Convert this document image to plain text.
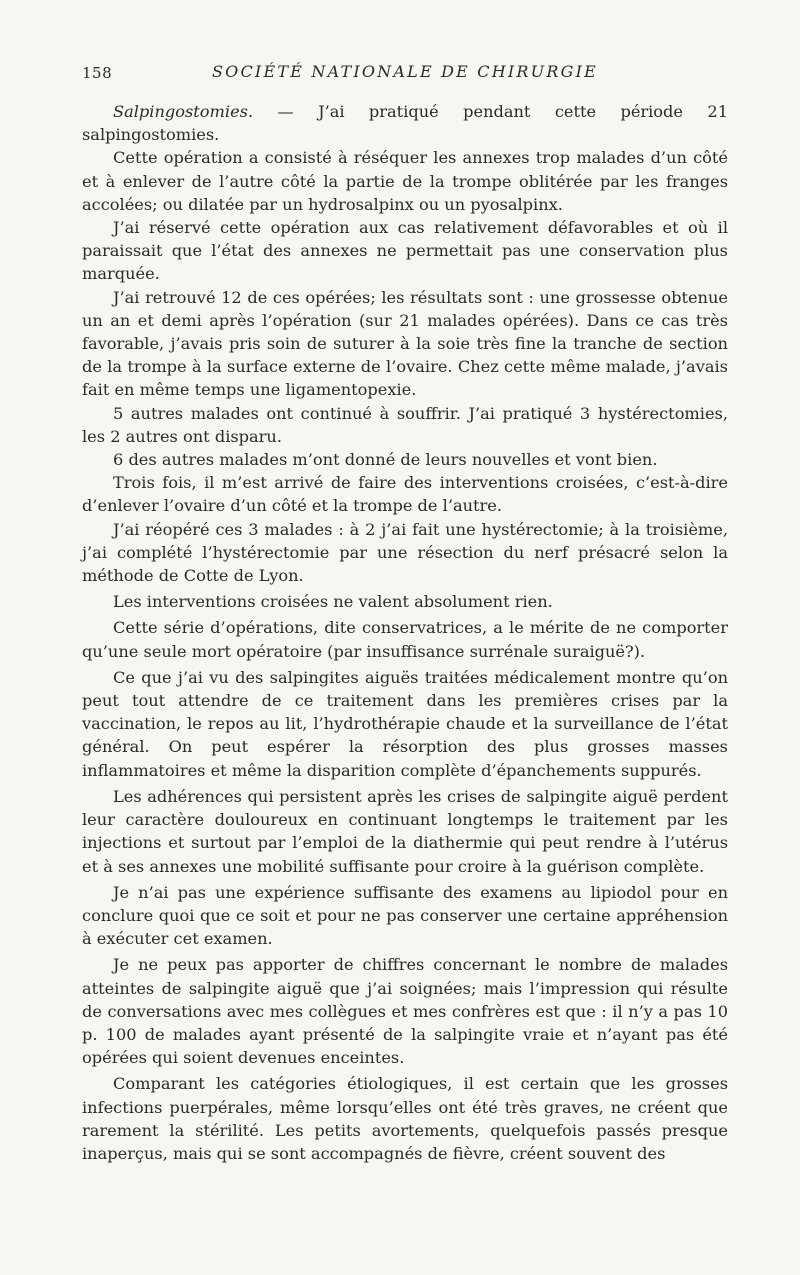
158	SOCIÉTÉ NATIONALE DE CHIRURGIE

Salpingostomies. — J’ai pratiqué pendant cette période 21 salpingostomies.

Cette opération a consisté à réséquer les annexes trop malades d’un côté et à enlever de l’autre côté la partie de la trompe oblitérée par les franges accolées; ou dilatée par un hydrosalpinx ou un pyosalpinx.

J’ai réservé cette opération aux cas relativement défavorables et où il paraissait que l’état des annexes ne permettait pas une conservation plus marquée.

J’ai retrouvé 12 de ces opérées; les résultats sont : une grossesse obtenue un an et demi après l’opération (sur 21 malades opérées). Dans ce cas très favorable, j’avais pris soin de suturer à la soie très fine la tranche de section de la trompe à la surface externe de l’ovaire. Chez cette même malade, j’avais fait en même temps une ligamentopexie.

5 autres malades ont continué à souffrir. J’ai pratiqué 3 hystérectomies, les 2 autres ont disparu.

6 des autres malades m’ont donné de leurs nouvelles et vont bien.

Trois fois, il m’est arrivé de faire des interventions croisées, c’est-à-dire d’enlever l’ovaire d’un côté et la trompe de l’autre.

J’ai réopéré ces 3 malades : à 2 j’ai fait une hystérectomie; à la troisième, j’ai complété l’hystérectomie par une résection du nerf présacré selon la méthode de Cotte de Lyon.

Les interventions croisées ne valent absolument rien.

Cette série d’opérations, dite conservatrices, a le mérite de ne comporter qu’une seule mort opératoire (par insuffisance surrénale suraiguë?).

Ce que j’ai vu des salpingites aiguës traitées médicalement montre qu’on peut tout attendre de ce traitement dans les premières crises par la vaccination, le repos au lit, l’hydrothérapie chaude et la surveillance de l’état général. On peut espérer la résorption des plus grosses masses inflammatoires et même la disparition complète d’épanchements suppurés.

Les adhérences qui persistent après les crises de salpingite aiguë perdent leur caractère douloureux en continuant longtemps le traitement par les injections et surtout par l’emploi de la diathermie qui peut rendre à l’utérus et à ses annexes une mobilité suffisante pour croire à la guérison complète.

Je n’ai pas une expérience suffisante des examens au lipiodol pour en conclure quoi que ce soit et pour ne pas conserver une certaine appréhension à exécuter cet examen.

Je ne peux pas apporter de chiffres concernant le nombre de malades atteintes de salpingite aiguë que j’ai soignées; mais l’impression qui résulte de conversations avec mes collègues et mes confrères est que : il n’y a pas 10 p. 100 de malades ayant présenté de la salpingite vraie et n’ayant pas été opérées qui soient devenues enceintes.

Comparant les catégories étiologiques, il est certain que les grosses infections puerpérales, même lorsqu’elles ont été très graves, ne créent que rarement la stérilité. Les petits avortements, quelquefois passés presque inaperçus, mais qui se sont accompagnés de fièvre, créent souvent des
